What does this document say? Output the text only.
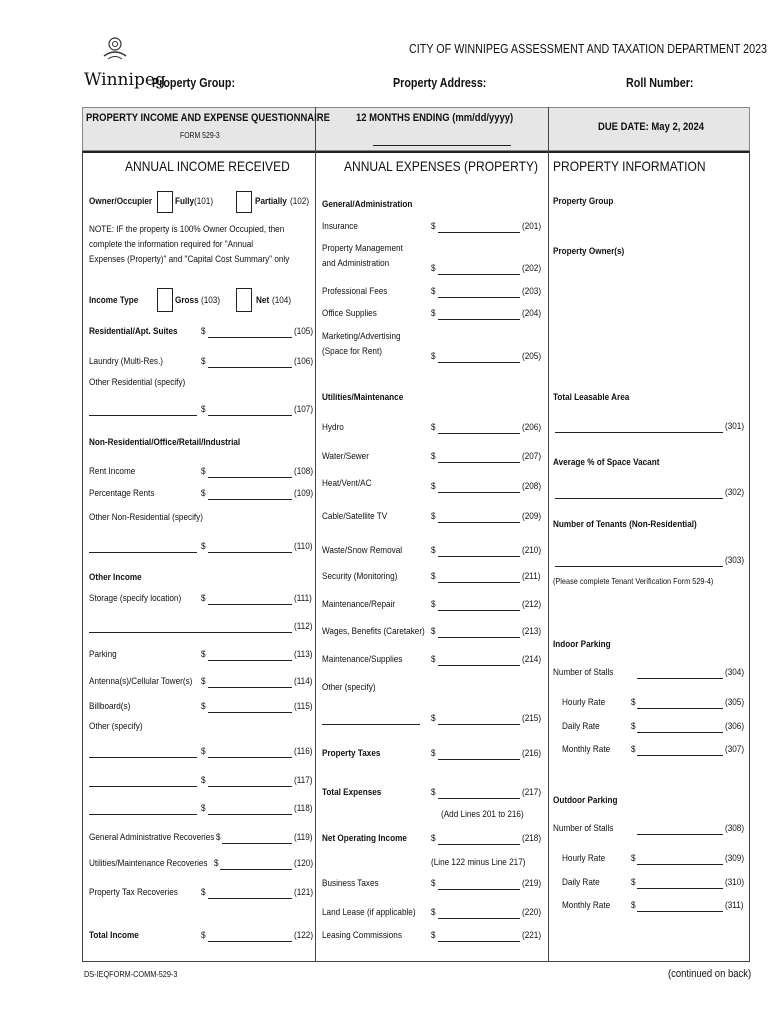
Winnipeg
CITY OF WINNIPEG ASSESSMENT AND TAXATION DEPARTMENT 2023
Property Group:	Property Address:	Roll Number:
PROPERTY INCOME AND EXPENSE QUESTIONNAIRE
FORM 529-3
12 MONTHS ENDING (mm/dd/yyyy)
DUE DATE: May 2, 2024
ANNUAL INCOME RECEIVED
Owner/Occupier Fully (101)	Partially (102)
NOTE: IF the property is 100% Owner Occupied, then
complete the information required for "Annual
Expenses (Property)" and "Capital Cost Summary" only
Income Type	Gross (103)	Net (104)
Residential/Apt. Suites $	(105)
Laundry (Multi-Res.)	$	(106)
Other Residential (specify)
$	(107)
Non-Residential/Office/Retail/Industrial
Rent Income	$	(108)
Percentage Rents	$	(109)
Other Non-Residential (specify)
$	(110)
Other Income
Storage (specify location) $	(111)
(112)
Parking	$	(113)
Antenna(s)/Cellular Tower(s) $	(114)
Billboard(s)	$	(115)
Other (specify)
$	(116)
$	(117)
$	(118)
General Administrative Recoveries $	(119)
Utilities/Maintenance Recoveries $	(120)
Property Tax Recoveries $	(121)
Total Income	$	(122)
ANNUAL EXPENSES (PROPERTY)
General/Administration
Insurance	$	(201)
Property Management
and Administration	$	(202)
Professional Fees	$	(203)
Office Supplies	$	(204)
Marketing/Advertising
(Space for Rent)	$	(205)
Utilities/Maintenance
Hydro	$	(206)
Water/Sewer	$	(207)
Heat/Vent/AC	$	(208)
Cable/Satellite TV	$	(209)
Waste/Snow Removal	$	(210)
Security (Monitoring)	$	(211)
Maintenance/Repair	$	(212)
Wages, Benefits (Caretaker) $	(213)
Maintenance/Supplies	$	(214)
Other (specify)
$	(215)
Property Taxes	$	(216)
Total Expenses	$	(217)
(Add Lines 201 to 216)
Net Operating Income	$	(218)
(Line 122 minus Line 217)
Business Taxes	$	(219)
Land Lease (if applicable) $	(220)
Leasing Commissions	$	(221)
PROPERTY INFORMATION
Property Group
Property Owner(s)
Total Leasable Area
(301)
Average % of Space Vacant
(302)
Number of Tenants (Non-Residential)
(303)
(Please complete Tenant Verification Form 529-4)
Indoor Parking
Number of Stalls	(304)
Hourly Rate	$	(305)
Daily Rate	$	(306)
Monthly Rate $	(307)
Outdoor Parking
Number of Stalls	(308)
Hourly Rate	$	(309)
Daily Rate	$	(310)
Monthly Rate $	(311)
DS-IEQFORM-COMM-529-3	(continued on back)
